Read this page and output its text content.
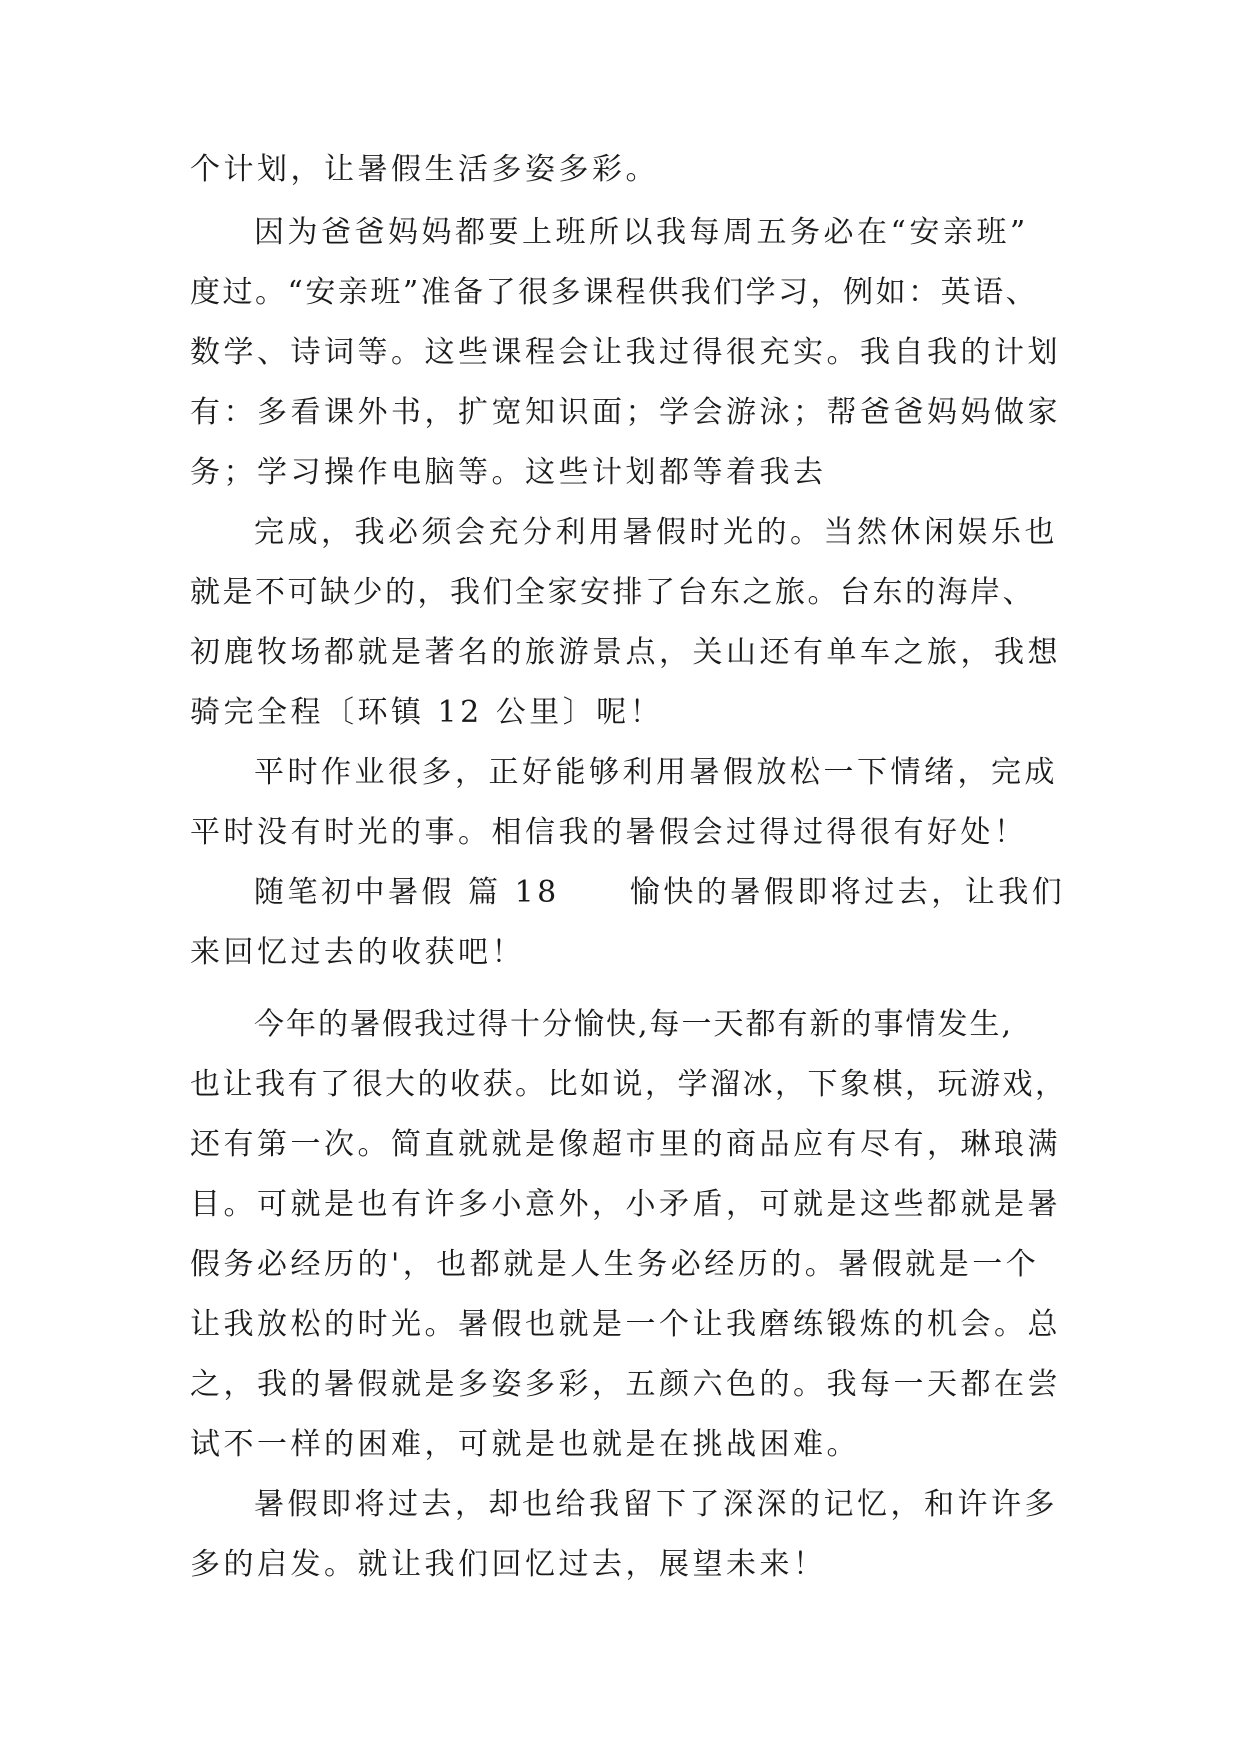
个计划，让暑假生活多姿多彩。
因为爸爸妈妈都要上班所以我每周五务必在“安亲班”
度过。“安亲班”准备了很多课程供我们学习，例如：英语、
数学、诗词等。这些课程会让我过得很充实。我自我的计划
有：多看课外书，扩宽知识面；学会游泳；帮爸爸妈妈做家
务；学习操作电脑等。这些计划都等着我去
完成，我必须会充分利用暑假时光的。当然休闲娱乐也
就是不可缺少的，我们全家安排了台东之旅。台东的海岸、
初鹿牧场都就是著名的旅游景点，关山还有单车之旅，我想
骑完全程〔环镇 12 公里〕呢！
平时作业很多，正好能够利用暑假放松一下情绪，完成
平时没有时光的事。相信我的暑假会过得过得很有好处！
随笔初中暑假 篇 18 愉快的暑假即将过去，让我们
来回忆过去的收获吧！
今年的暑假我过得十分愉快,每一天都有新的事情发生,
也让我有了很大的收获。比如说，学溜冰，下象棋，玩游戏，
还有第一次。简直就就是像超市里的商品应有尽有，琳琅满
目。可就是也有许多小意外，小矛盾，可就是这些都就是暑
假务必经历的'，也都就是人生务必经历的。暑假就是一个
让我放松的时光。暑假也就是一个让我磨练锻炼的机会。总
之，我的暑假就是多姿多彩，五颜六色的。我每一天都在尝
试不一样的困难，可就是也就是在挑战困难。
暑假即将过去，却也给我留下了深深的记忆，和许许多
多的启发。就让我们回忆过去，展望未来！
